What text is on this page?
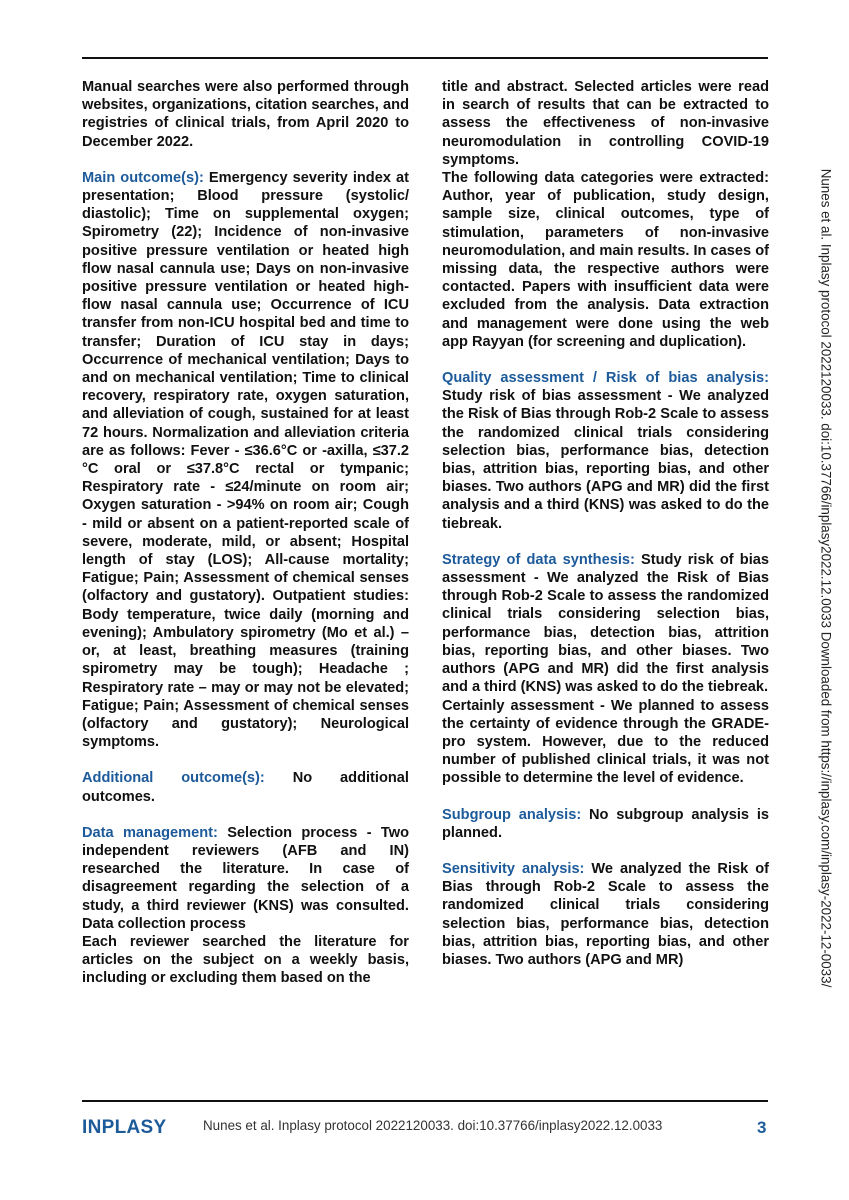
Manual searches were also performed through websites, organizations, citation searches, and registries of clinical trials, from April 2020 to December 2022.

Main outcome(s): Emergency severity index at presentation; Blood pressure (systolic/ diastolic); Time on supplemental oxygen; Spirometry (22); Incidence of non-invasive positive pressure ventilation or heated high flow nasal cannula use; Days on non-invasive positive pressure ventilation or heated high-flow nasal cannula use; Occurrence of ICU transfer from non-ICU hospital bed and time to transfer; Duration of ICU stay in days; Occurrence of mechanical ventilation; Days to and on mechanical ventilation; Time to clinical recovery, respiratory rate, oxygen saturation, and alleviation of cough, sustained for at least 72 hours. Normalization and alleviation criteria are as follows: Fever - ≤36.6°C or -axilla, ≤37.2 °C oral or ≤37.8°C rectal or tympanic; Respiratory rate - ≤24/minute on room air; Oxygen saturation - >94% on room air; Cough - mild or absent on a patient-reported scale of severe, moderate, mild, or absent; Hospital length of stay (LOS); All-cause mortality; Fatigue; Pain; Assessment of chemical senses (olfactory and gustatory). Outpatient studies: Body temperature, twice daily (morning and evening); Ambulatory spirometry (Mo et al.) – or, at least, breathing measures (training spirometry may be tough); Headache ; Respiratory rate – may or may not be elevated; Fatigue; Pain; Assessment of chemical senses (olfactory and gustatory); Neurological symptoms.

Additional outcome(s): No additional outcomes.

Data management: Selection process - Two independent reviewers (AFB and IN) researched the literature. In case of disagreement regarding the selection of a study, a third reviewer (KNS) was consulted. Data collection process

Each reviewer searched the literature for articles on the subject on a weekly basis, including or excluding them based on the

title and abstract. Selected articles were read in search of results that can be extracted to assess the effectiveness of non-invasive neuromodulation in controlling COVID-19 symptoms.

The following data categories were extracted: Author, year of publication, study design, sample size, clinical outcomes, type of stimulation, parameters of non-invasive neuromodulation, and main results. In cases of missing data, the respective authors were contacted. Papers with insufficient data were excluded from the analysis. Data extraction and management were done using the web app Rayyan (for screening and duplication).

Quality assessment / Risk of bias analysis: Study risk of bias assessment - We analyzed the Risk of Bias through Rob-2 Scale to assess the randomized clinical trials considering selection bias, performance bias, detection bias, attrition bias, reporting bias, and other biases. Two authors (APG and MR) did the first analysis and a third (KNS) was asked to do the tiebreak.

Strategy of data synthesis: Study risk of bias assessment - We analyzed the Risk of Bias through Rob-2 Scale to assess the randomized clinical trials considering selection bias, performance bias, detection bias, attrition bias, reporting bias, and other biases. Two authors (APG and MR) did the first analysis and a third (KNS) was asked to do the tiebreak.

Certainly assessment - We planned to assess the certainty of evidence through the GRADE-pro system. However, due to the reduced number of published clinical trials, it was not possible to determine the level of evidence.

Subgroup analysis: No subgroup analysis is planned.

Sensitivity analysis: We analyzed the Risk of Bias through Rob-2 Scale to assess the randomized clinical trials considering selection bias, performance bias, detection bias, attrition bias, reporting bias, and other biases. Two authors (APG and MR)	Nunes et al. Inplasy protocol 2022120033. doi:10.37766/inplasy2022.12.0033 Downloaded from https://inplasy.com/inplasy-2022-12-0033/
INPLASY	Nunes et al. Inplasy protocol 2022120033. doi:10.37766/inplasy2022.12.0033	3
